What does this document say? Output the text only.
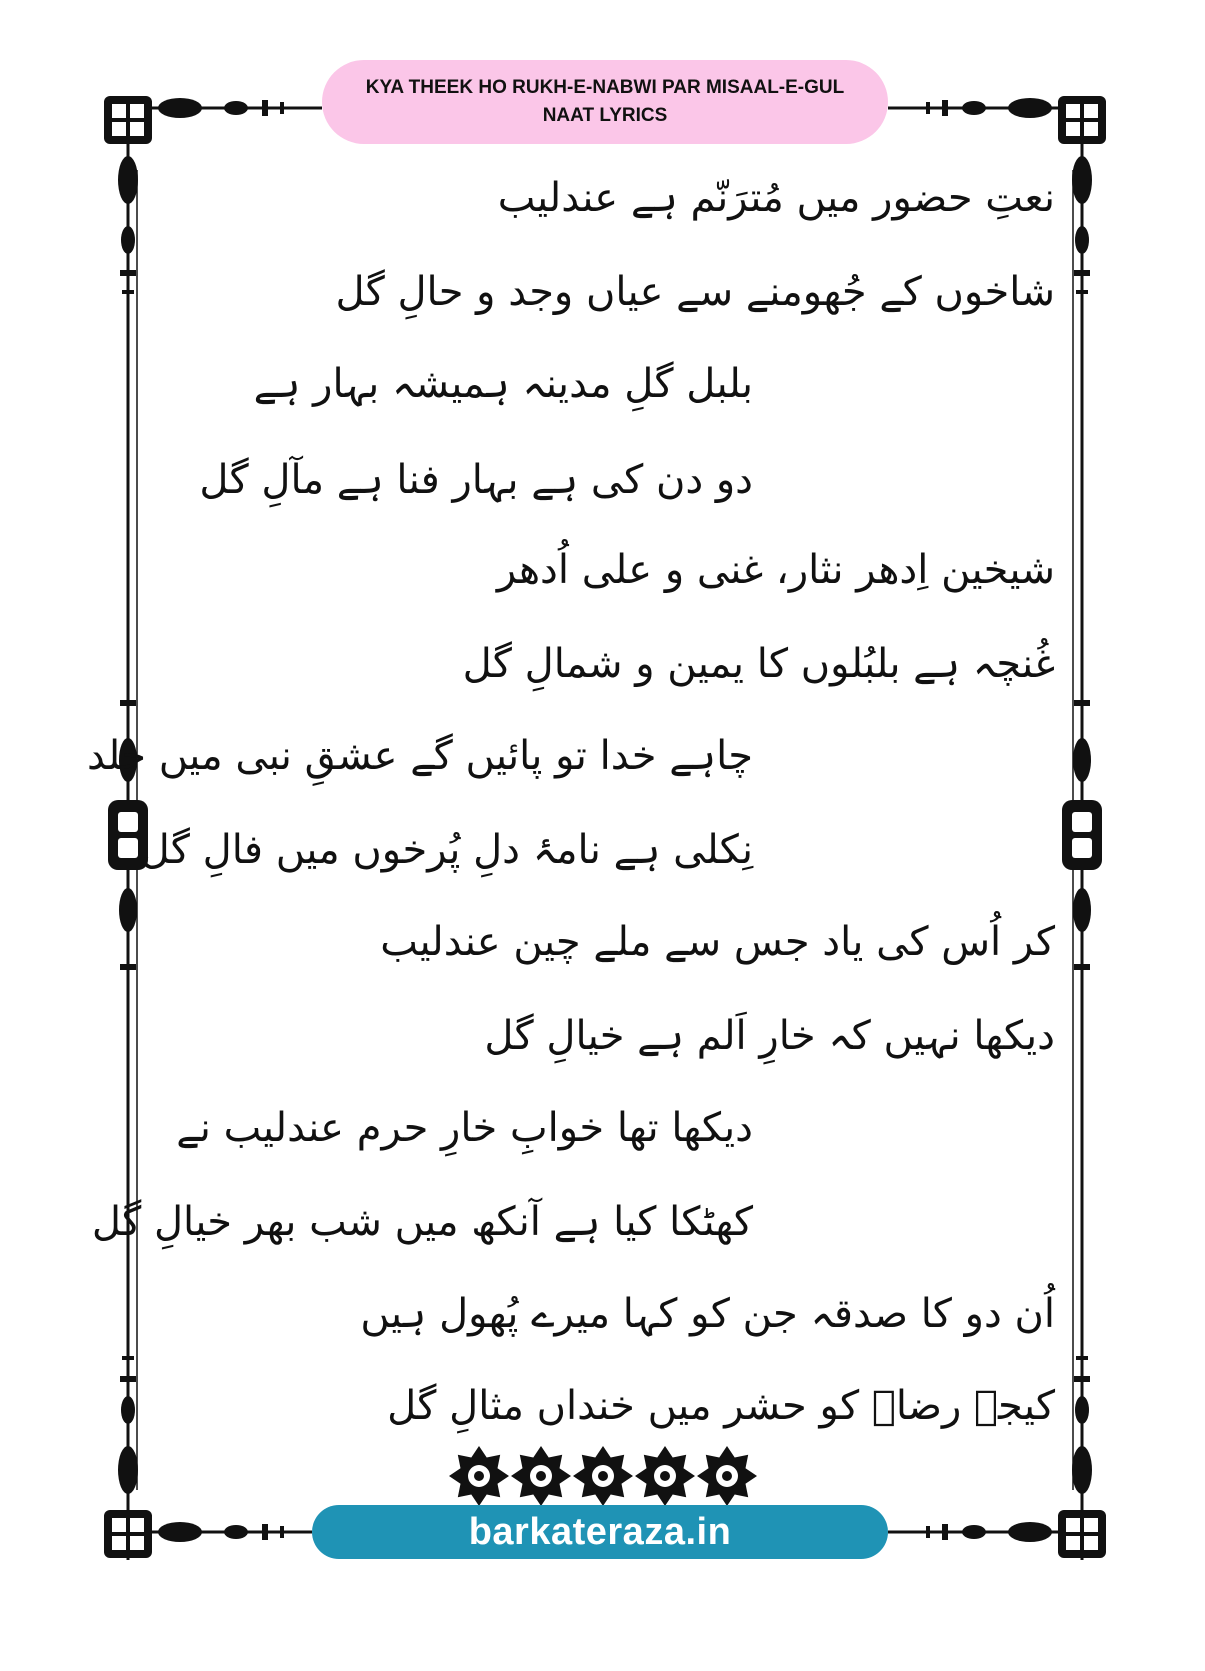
KYA THEEK HO RUKH-E-NABWI PAR MISAAL-E-GUL NAAT LYRICS
نعتِ حضور میں مُترَنّم ہے عندلیب
شاخوں کے جُھومنے سے عیاں وجد و حالِ گل
بلبل گلِ مدینہ ہمیشہ بہار ہے
دو دن کی ہے بہار فنا ہے مآلِ گل
شیخین اِدھر نثار، غنی و علی اُدھر
غُنچہ ہے بلبُلوں کا یمین و شمالِ گل
چاہے خدا تو پائیں گے عشقِ نبی میں خلد
نِکلی ہے نامۂ دلِ پُرخوں میں فالِ گل
کر اُس کی یاد جس سے ملے چین عندلیب
دیکھا نہیں کہ خارِ اَلم ہے خیالِ گل
دیکھا تھا خوابِ خارِ حرم عندلیب نے
کھٹکا کیا ہے آنکھ میں شب بھر خیالِ گل
اُن دو کا صدقہ جن کو کہا میرے پُھول ہیں
کیجے رضاؔ کو حشر میں خنداں مثالِ گل
barkateraza.in
